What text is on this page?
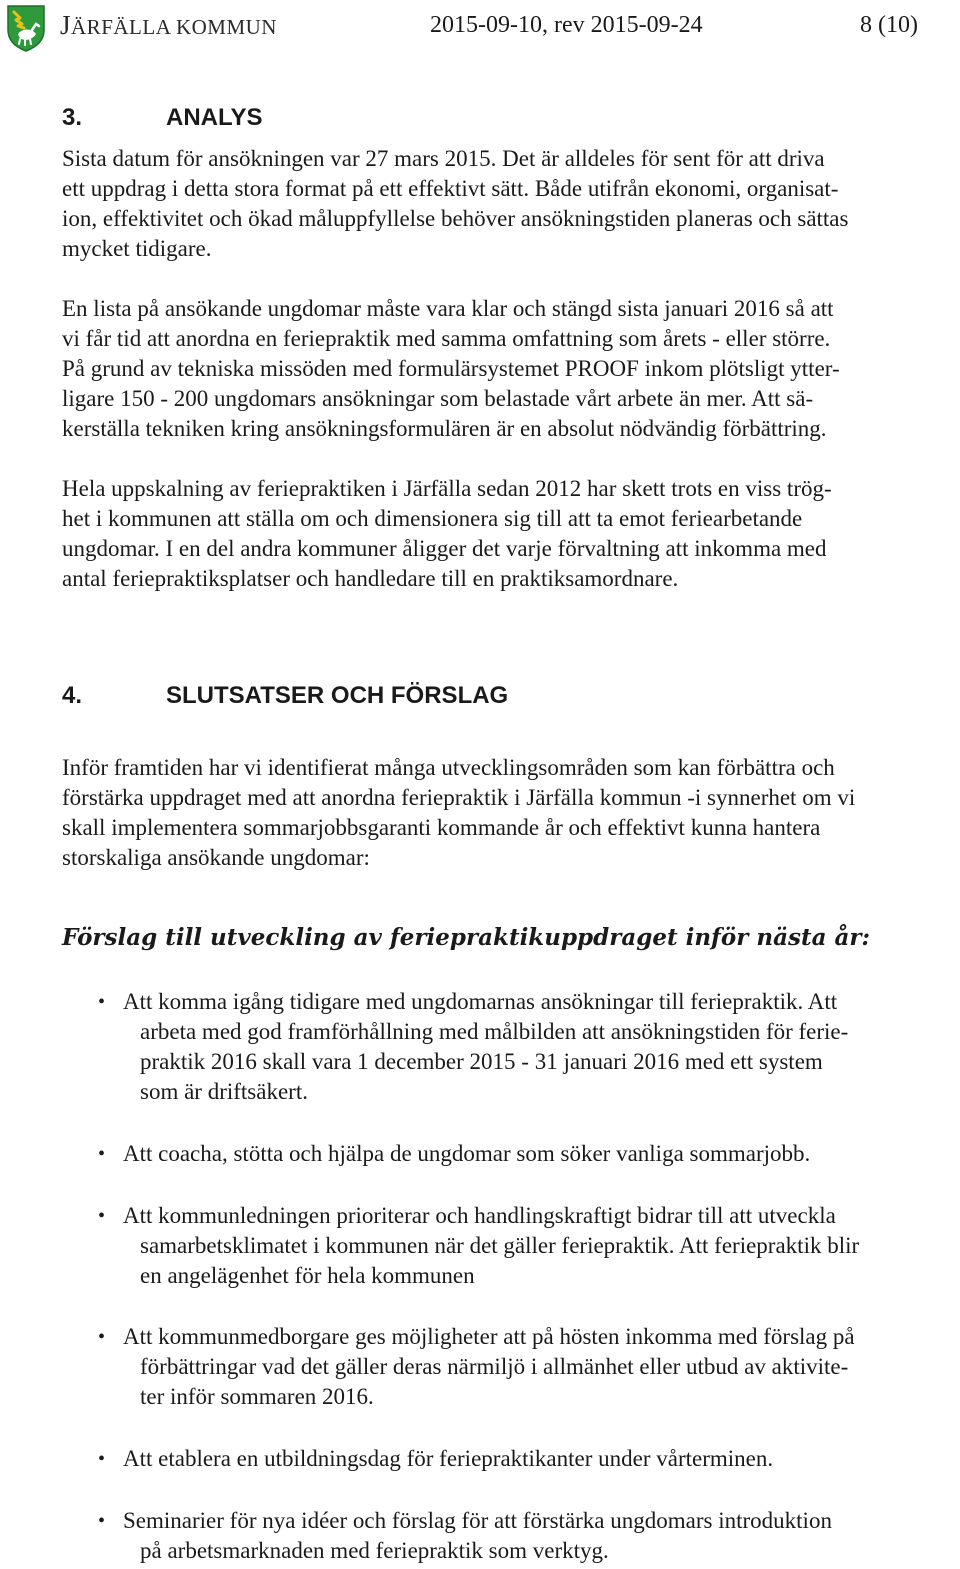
JÄRFÄLLA KOMMUN	2015-09-10, rev 2015-09-24	8 (10)
3.	ANALYS
Sista datum för ansökningen var 27 mars 2015. Det är alldeles för sent för att driva
ett uppdrag i detta stora format på ett effektivt sätt. Både utifrån ekonomi, organisat-
ion, effektivitet och ökad måluppfyllelse behöver ansökningstiden planeras och sättas
mycket tidigare.
En lista på ansökande ungdomar måste vara klar och stängd sista januari 2016 så att
vi får tid att anordna en feriepraktik med samma omfattning som årets - eller större.
På grund av tekniska missöden med formulärsystemet PROOF inkom plötsligt ytter-
ligare 150 - 200 ungdomars ansökningar som belastade vårt arbete än mer. Att sä-
kerställa tekniken kring ansökningsformulären är en absolut nödvändig förbättring.
Hela uppskalning av feriepraktiken i Järfälla sedan 2012 har skett trots en viss trög-
het i kommunen att ställa om och dimensionera sig till att ta emot feriearbetande
ungdomar. I en del andra kommuner åligger det varje förvaltning att inkomma med
antal feriepraktiksplatser och handledare till en praktiksamordnare.
4.	SLUTSATSER OCH FÖRSLAG
Inför framtiden har vi identifierat många utvecklingsområden som kan förbättra och
förstärka uppdraget med att anordna feriepraktik i Järfälla kommun -i synnerhet om vi
skall implementera sommarjobbsgaranti kommande år och effektivt kunna hantera
storskaliga ansökande ungdomar:
Förslag till utveckling av feriepraktikuppdraget inför nästa år:
• Att komma igång tidigare med ungdomarnas ansökningar till feriepraktik. Att
arbeta med god framförhållning med målbilden att ansökningstiden för ferie-
praktik 2016 skall vara 1 december 2015 - 31 januari 2016 med ett system
som är driftsäkert.
• Att coacha, stötta och hjälpa de ungdomar som söker vanliga sommarjobb.
• Att kommunledningen prioriterar och handlingskraftigt bidrar till att utveckla
samarbetsklimatet i kommunen när det gäller feriepraktik. Att feriepraktik blir
en angelägenhet för hela kommunen
• Att kommunmedborgare ges möjligheter att på hösten inkomma med förslag på
förbättringar vad det gäller deras närmiljö i allmänhet eller utbud av aktivite-
ter inför sommaren 2016.
• Att etablera en utbildningsdag för feriepraktikanter under vårterminen.
• Seminarier för nya idéer och förslag för att förstärka ungdomars introduktion
på arbetsmarknaden med feriepraktik som verktyg.
